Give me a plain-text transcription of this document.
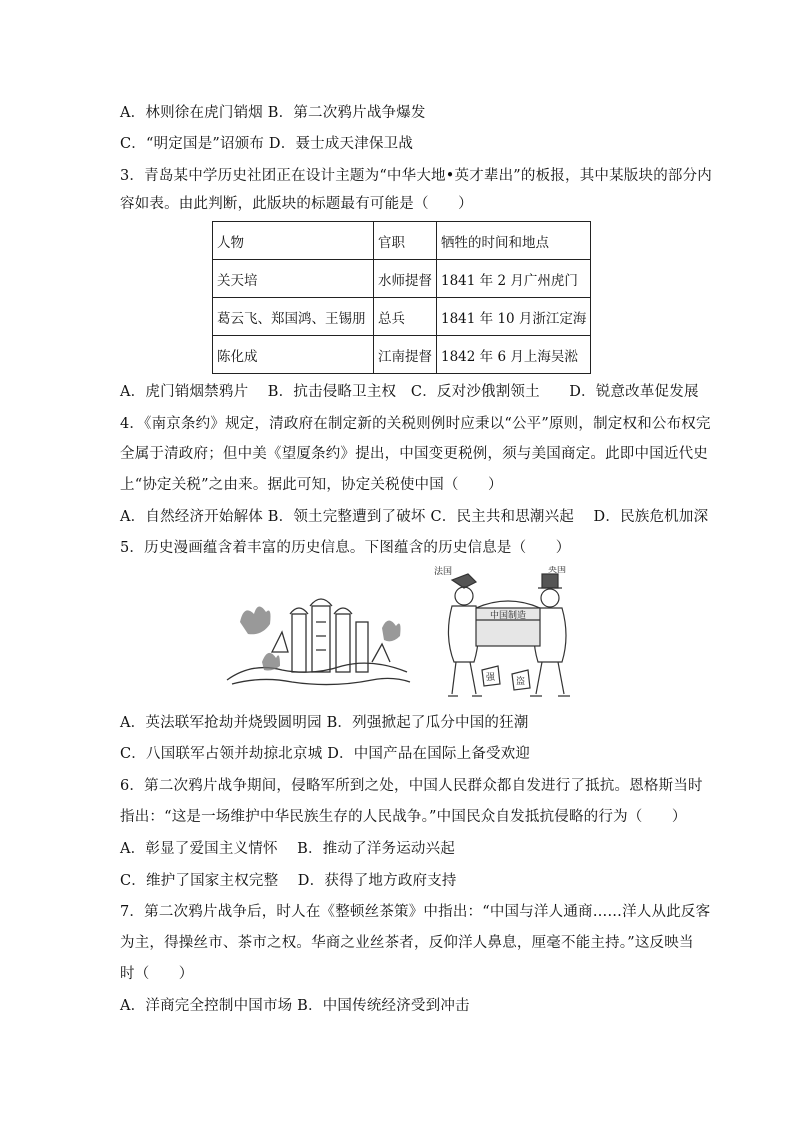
A．林则徐在虎门销烟 B．第二次鸦片战争爆发
C．“明定国是”诏颁布 D．聂士成天津保卫战
3．青岛某中学历史社团正在设计主题为“中华大地•英才辈出”的板报，其中某版块的部分内
容如表。由此判断，此版块的标题最有可能是（　　）
人物	官职	牺牲的时间和地点
关天培	水师提督	1841 年 2 月广州虎门
葛云飞、郑国鸿、王锡朋	总兵	1841 年 10 月浙江定海
陈化成	江南提督	1842 年 6 月上海吴淞
A．虎门销烟禁鸦片　 B．抗击侵略卫主权　C．反对沙俄割领土　　D．锐意改革促发展
4．《南京条约》规定，清政府在制定新的关税则例时应秉以“公平”原则，制定权和公布权完
全属于清政府；但中美《望厦条约》提出，中国变更税例，须与美国商定。此即中国近代史
上“协定关税”之由来。据此可知，协定关税使中国（　　）
A．自然经济开始解体 B．领土完整遭到了破坏 C．民主共和思潮兴起　 D．民族危机加深
5．历史漫画蕴含着丰富的历史信息。下图蕴含的历史信息是（　　）
法国	英国
中国制造
强 盗
A．英法联军抢劫并烧毁圆明园 B．列强掀起了瓜分中国的狂潮
C．八国联军占领并劫掠北京城 D．中国产品在国际上备受欢迎
6．第二次鸦片战争期间，侵略军所到之处，中国人民群众都自发进行了抵抗。恩格斯当时
指出：“这是一场维护中华民族生存的人民战争。”中国民众自发抵抗侵略的行为（　　）
A．彰显了爱国主义情怀　 B．推动了洋务运动兴起
C．维护了国家主权完整　 D．获得了地方政府支持
7．第二次鸦片战争后，时人在《整顿丝茶策》中指出：“中国与洋人通商……洋人从此反客
为主，得操丝市、茶市之权。华商之业丝茶者，反仰洋人鼻息，厘毫不能主持。”这反映当
时（　　）
A．洋商完全控制中国市场 B．中国传统经济受到冲击
